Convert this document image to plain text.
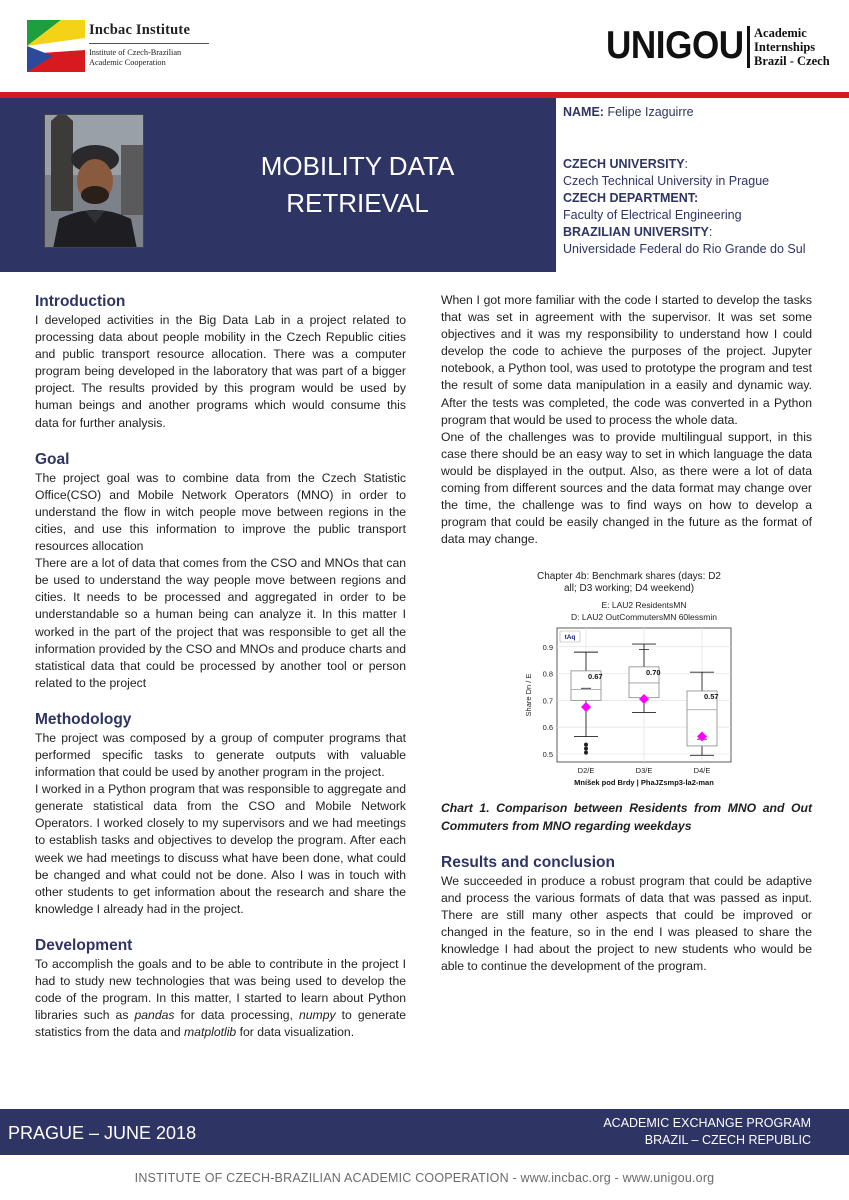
Incbac Institute
Institute of Czech-Brazilian
Academic Cooperation	UNIGOU Academic
Internships
Brazil - Czech
MOBILITY DATA
RETRIEVAL
NAME: Felipe Izaguirre
CZECH UNIVERSITY:
Czech Technical University in Prague
CZECH DEPARTMENT:
Faculty of Electrical Engineering
BRAZILIAN UNIVERSITY:
Universidade Federal do Rio Grande do Sul
Introduction

I developed activities in the Big Data Lab in a project related to processing data about people mobility in the Czech Republic cities and public transport resource allocation. There was a computer program being developed in the laboratory that was part of a bigger project. The results provided by this program would be used by human beings and another programs which would consume this data for further analysis.

Goal

The project goal was to combine data from the Czech Statistic Office(CSO) and Mobile Network Operators (MNO) in order to understand the flow in witch people move between regions in the cities, and use this information to improve the public transport resources allocation

There are a lot of data that comes from the CSO and MNOs that can be used to understand the way people move between regions and cities. It needs to be processed and aggregated in order to be understandable so a human being can analyze it. In this matter I worked in the part of the project that was responsible to get all the information provided by the CSO and MNOs and produce charts and statistical data that could be processed by another tool or person related to the project

Methodology

The project was composed by a group of computer programs that performed specific tasks to generate outputs with valuable information that could be used by another program in the project.

I worked in a Python program that was responsible to aggregate and generate statistical data from the CSO and Mobile Network Operators. I worked closely to my supervisors and we had meetings to establish tasks and objectives to develop the program. After each week we had meetings to discuss what have been done, what could be changed and what could not be done. Also I was in touch with other students to get information about the research and share the knowledge I already had in the project.

Development

To accomplish the goals and to be able to contribute in the project I had to study new technologies that was being used to develop the code of the program. In this matter, I started to learn about Python libraries such as pandas for data processing, numpy to generate statistics from the data and matplotlib for data visualization.

When I got more familiar with the code I started to develop the tasks that was set in agreement with the supervisor. It was set some objectives and it was my responsibility to understand how I could develop the code to achieve the purposes of the project. Jupyter notebook, a Python tool, was used to prototype the program and test the result of some data manipulation in a easily and dynamic way. After the tests was completed, the code was converted in a Python program that would be used to process the whole data.

One of the challenges was to provide multilingual support, in this case there should be an easy way to set in which language the data would be displayed in the output. Also, as there were a lot of data coming from different sources and the data format may change over the time, the challenge was to find ways on how to develop a program that could be easily changed in the future as the format of data may change.

Chapter 4b: Benchmark shares (days: D2
all; D3 working; D4 weekend)
E: LAU2 ResidentsMN
D: LAU2 OutCommutersMN 60lessmin
0.5
0.6
0.7
0.8
0.9
Share Dn / E
tAq
0.67
D2/E
0.70
D3/E
0.57
D4/E
Mníšek pod Brdy | PhaJZsmp3-la2-man
Chart 1. Comparison between Residents from MNO and Out Commuters from MNO regarding weekdays
Results and conclusion

We succeeded in produce a robust program that could be adaptive and process the various formats of data that was passed as input. There are still many other aspects that could be improved or changed in the feature, so in the end I was pleased to share the knowledge I had about the project to new students who would be able to continue the development of the program.

PRAGUE – JUNE 2018	ACADEMIC EXCHANGE PROGRAM
BRAZIL – CZECH REPUBLIC
INSTITUTE OF CZECH-BRAZILIAN ACADEMIC COOPERATION - www.incbac.org - www.unigou.org
